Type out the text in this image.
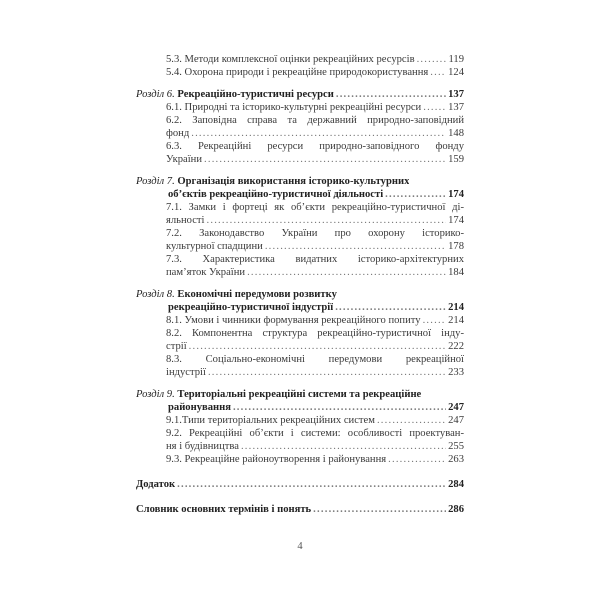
5.3. Методи комплексної оцінки рекреаційних ресурсів .....	119
5.4. Охорона природи і рекреаційне природокористування ..... 124
Розділ 6. Рекреаційно-туристичні ресурси .....	137
6.1. Природні та історико-культурні рекреаційні ресурси .....	137
6.2. Заповідна справа та державний природно-заповідний
фонд .....	148
6.3. Рекреаційні ресурси природно-заповідного фонду
України .....	159
Розділ 7. Організація використання історико-культурних
об’єктів рекреаційно-туристичної діяльності .....	174
7.1. Замки і фортеці як об’єкти рекреаційно-туристичної ді-
яльності .....	174
7.2. Законодавство України про охорону історико-
культурної спадщини .....	178
7.3. Характеристика видатних історико-архітектурних
пам’яток України .....	184
Розділ 8. Економічні передумови розвитку
рекреаційно-туристичної індустрії .....	214
8.1. Умови і чинники формування рекреаційного попиту .....	214
8.2. Компонентна структура рекреаційно-туристичної інду-
стрії .....	222
8.3. Соціально-економічні передумови рекреаційної
індустрії .....	233
Розділ 9. Територіальні рекреаційні системи та рекреаційне
районування .....	247
9.1.Типи територіальних рекреаційних систем .....	247
9.2. Рекреаційні об’єкти і системи: особливості проектуван-
ня і будівництва .....	255
9.3. Рекреаційне районоутворення і районування .....	263
Додаток .....	284
Словник основних термінів і понять .....	286
4
